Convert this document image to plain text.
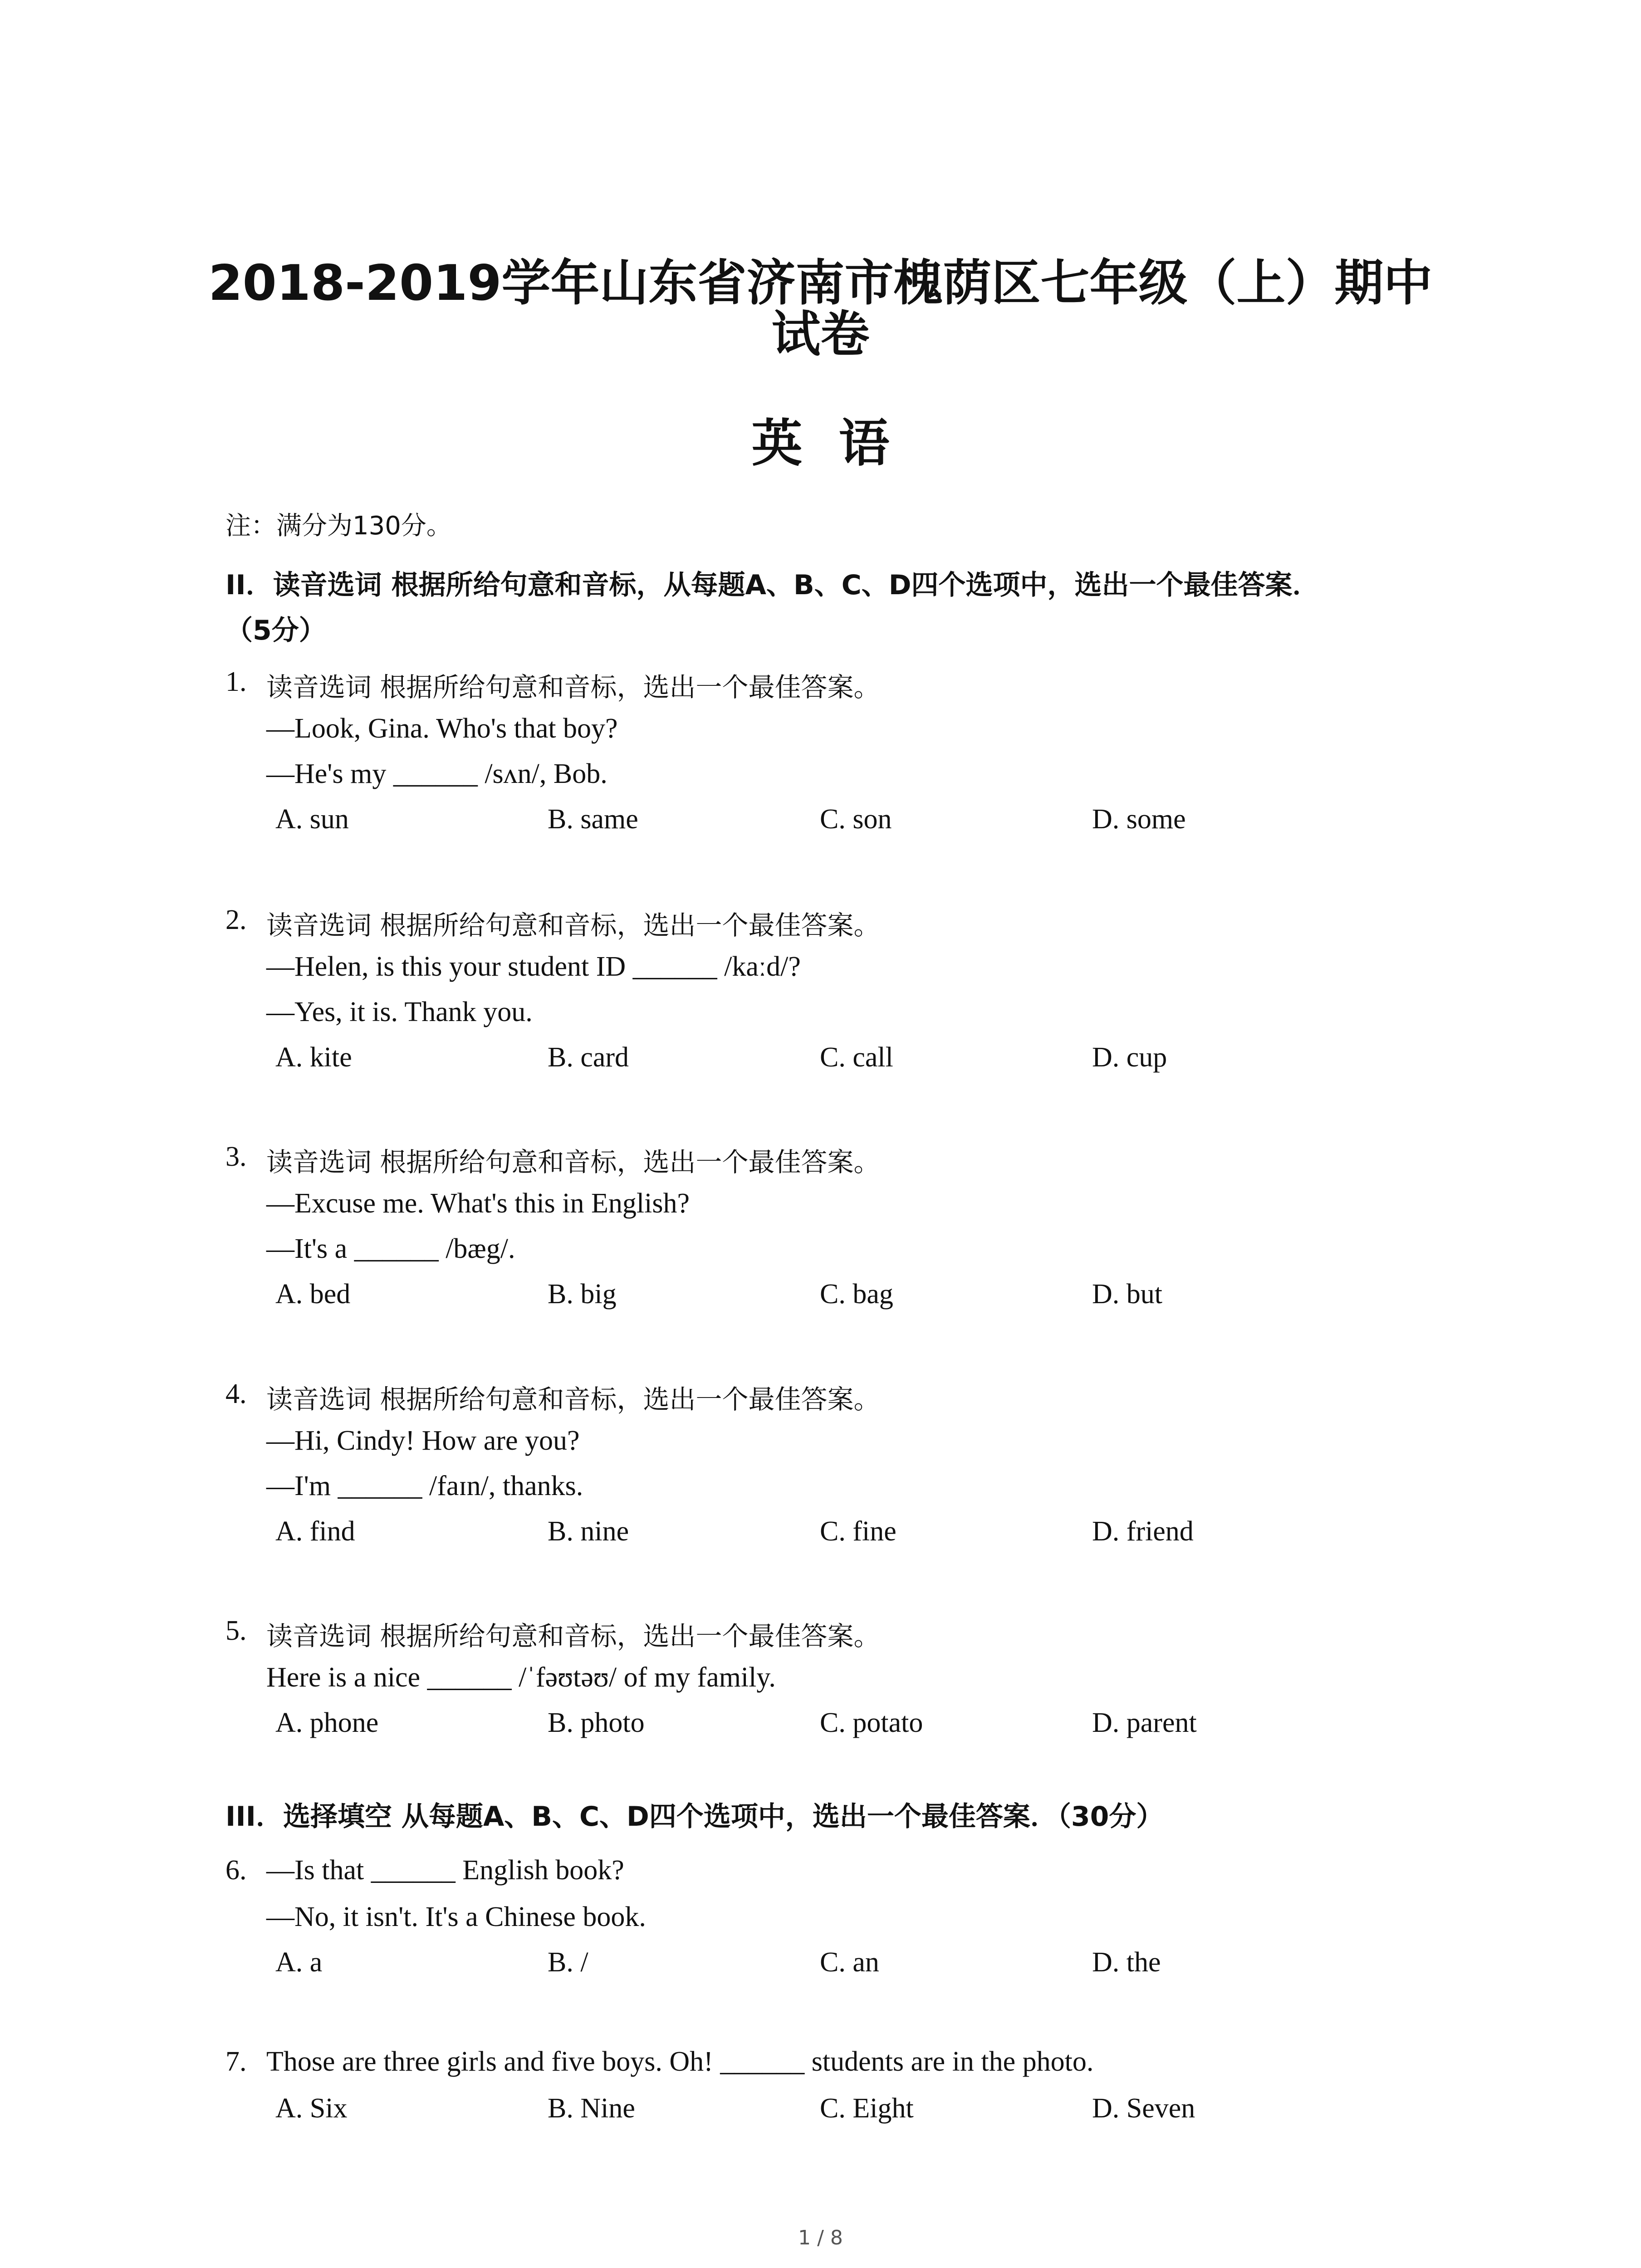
2018-2019学年山东省济南市槐荫区七年级（上）期中
试卷
英语
注：满分为130分。
II．读音选词 根据所给句意和音标，从每题A、B、C、D四个选项中，选出一个最佳答案．
（5分）
1. 读音选词 根据所给句意和音标，选出一个最佳答案。
—Look, Gina. Who's that boy?
—He's my ______ /sʌn/, Bob.
A. sun	B. same	C. son	D. some
2. 读音选词 根据所给句意和音标，选出一个最佳答案。
—Helen, is this your student ID ______ /kaːd/?
—Yes, it is. Thank you.
A. kite	B. card	C. call	D. cup
3. 读音选词 根据所给句意和音标，选出一个最佳答案。
—Excuse me. What's this in English?
—It's a ______ /bæg/.
A. bed	B. big	C. bag	D. but
4. 读音选词 根据所给句意和音标，选出一个最佳答案。
—Hi, Cindy! How are you?
—I'm ______ /faɪn/, thanks.
A. find	B. nine	C. fine	D. friend
5. 读音选词 根据所给句意和音标，选出一个最佳答案。
Here is a nice ______ /ˈfəʊtəʊ/ of my family.
A. phone	B. photo	C. potato	D. parent
III．选择填空 从每题A、B、C、D四个选项中，选出一个最佳答案．（30分）
6. —Is that ______ English book?
—No, it isn't. It's a Chinese book.
A. a	B. /	C. an	D. the
7. Those are three girls and five boys. Oh! ______ students are in the photo.
A. Six	B. Nine	C. Eight	D. Seven
1 / 8
